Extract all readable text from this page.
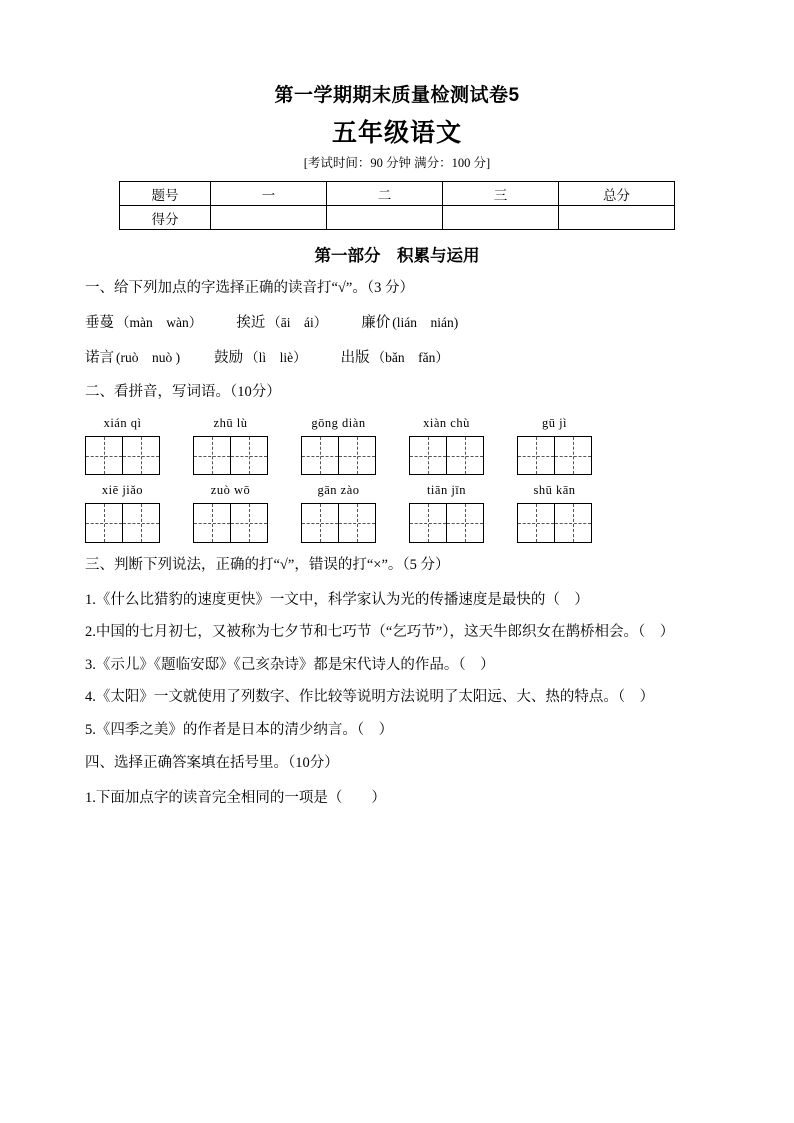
第一学期期末质量检测试卷5
五年级语文
[考试时间：90 分钟 满分：100 分]
题号	一	二	三	总分
得分				
第一部分　积累与运用
一、给下列加点的字选择正确的读音打“√”。（3 分）
垂蔓 （màn　wàn） 挨近 （āi　ái） 廉价 (lián　nián)
诺言 (ruò　nuò ) 鼓励 （lì　liè） 出版 （bǎn　fǎn）
二、看拼音，写词语。（10分）
xián qì	zhū lù	gōng diàn	xiàn chù	gū jì
xiē jiǎo	zuò wō	gān zào	tiān jīn	shū kān
三、判断下列说法，正确的打“√”，错误的打“×”。（5 分）
1.《什么比猎豹的速度更快》一文中，科学家认为光的传播速度是最快的（　）
2.中国的七月初七，又被称为七夕节和七巧节（“乞巧节”），这天牛郎织女在鹊桥相会。（　）
3.《示儿》《题临安邸》《己亥杂诗》都是宋代诗人的作品。（　）
4.《太阳》一文就使用了列数字、作比较等说明方法说明了太阳远、大、热的特点。（　）
5.《四季之美》的作者是日本的清少纳言。（　）
四、选择正确答案填在括号里。（10分）
1.下面加点字的读音完全相同的一项是（　　）
